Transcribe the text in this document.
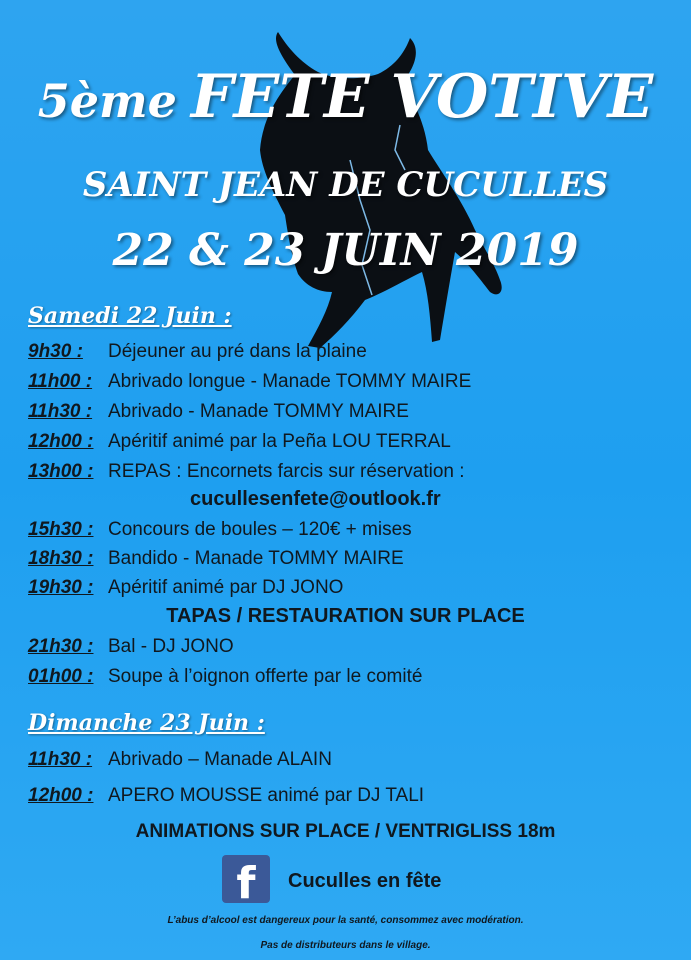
5ème FETE VOTIVE
SAINT JEAN DE CUCULLES
22 & 23 JUIN 2019
Samedi 22 Juin :
9h30 : Déjeuner au pré dans la plaine
11h00 : Abrivado longue - Manade TOMMY MAIRE
11h30 : Abrivado - Manade TOMMY MAIRE
12h00 : Apéritif animé par la Peña LOU TERRAL
13h00 : REPAS : Encornets farcis sur réservation :
cuculles​enfete@outlook.fr
15h30 : Concours de boules – 120€ + mises
18h30 : Bandido - Manade TOMMY MAIRE
19h30 : Apéritif animé par DJ JONO
TAPAS / RESTAURATION SUR PLACE
21h30 : Bal - DJ JONO
01h00 : Soupe à l’oignon offerte par le comité
Dimanche 23 Juin :
11h30 : Abrivado – Manade ALAIN
12h00 : APERO MOUSSE animé par DJ TALI
ANIMATIONS SUR PLACE / VENTRIGLISS 18m
f	Cuculles en fête
L’abus d’alcool est dangereux pour la santé, consommez avec modération.
Pas de distributeurs dans le village.
